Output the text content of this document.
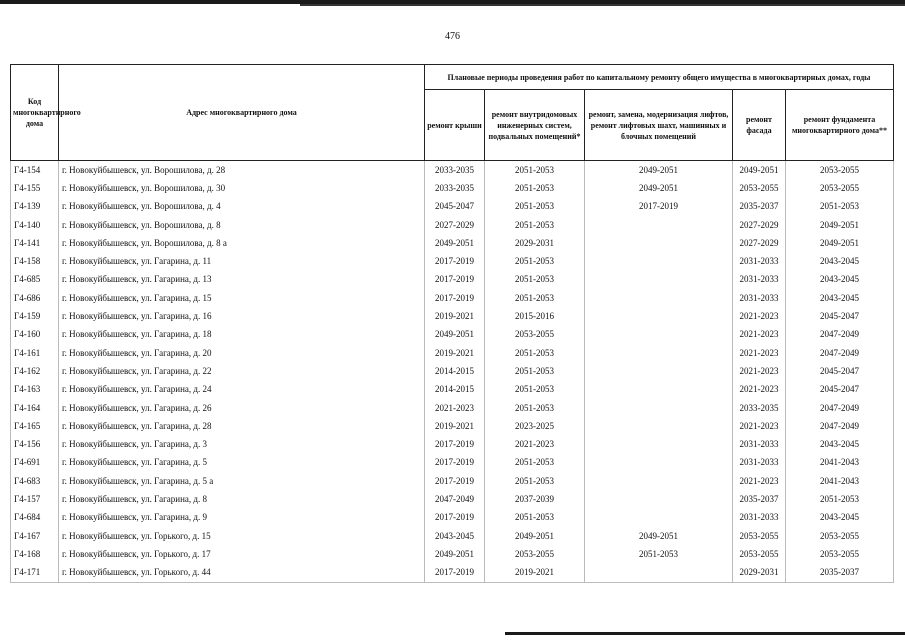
476
Код многоквартирного дома	Адрес многоквартирного дома	Плановые периоды проведения работ по капитальному ремонту общего имущества в многоквартирных домах, годы				
		ремонт крыши	ремонт внутридомовых инженерных систем, подвальных помещений*	ремонт, замена, модернизация лифтов, ремонт лифтовых шахт, машинных и блочных помещений	ремонт фасада	ремонт фундамента многоквартирного дома**
Г4-154	г. Новокуйбышевск, ул. Ворошилова, д. 28	2033-2035	2051-2053	2049-2051	2049-2051	2053-2055
Г4-155	г. Новокуйбышевск, ул. Ворошилова, д. 30	2033-2035	2051-2053	2049-2051	2053-2055	2053-2055
Г4-139	г. Новокуйбышевск, ул. Ворошилова, д. 4	2045-2047	2051-2053	2017-2019	2035-2037	2051-2053
Г4-140	г. Новокуйбышевск, ул. Ворошилова, д. 8	2027-2029	2051-2053		2027-2029	2049-2051
Г4-141	г. Новокуйбышевск, ул. Ворошилова, д. 8 а	2049-2051	2029-2031		2027-2029	2049-2051
Г4-158	г. Новокуйбышевск, ул. Гагарина, д. 11	2017-2019	2051-2053		2031-2033	2043-2045
Г4-685	г. Новокуйбышевск, ул. Гагарина, д. 13	2017-2019	2051-2053		2031-2033	2043-2045
Г4-686	г. Новокуйбышевск, ул. Гагарина, д. 15	2017-2019	2051-2053		2031-2033	2043-2045
Г4-159	г. Новокуйбышевск, ул. Гагарина, д. 16	2019-2021	2015-2016		2021-2023	2045-2047
Г4-160	г. Новокуйбышевск, ул. Гагарина, д. 18	2049-2051	2053-2055		2021-2023	2047-2049
Г4-161	г. Новокуйбышевск, ул. Гагарина, д. 20	2019-2021	2051-2053		2021-2023	2047-2049
Г4-162	г. Новокуйбышевск, ул. Гагарина, д. 22	2014-2015	2051-2053		2021-2023	2045-2047
Г4-163	г. Новокуйбышевск, ул. Гагарина, д. 24	2014-2015	2051-2053		2021-2023	2045-2047
Г4-164	г. Новокуйбышевск, ул. Гагарина, д. 26	2021-2023	2051-2053		2033-2035	2047-2049
Г4-165	г. Новокуйбышевск, ул. Гагарина, д. 28	2019-2021	2023-2025		2021-2023	2047-2049
Г4-156	г. Новокуйбышевск, ул. Гагарина, д. 3	2017-2019	2021-2023		2031-2033	2043-2045
Г4-691	г. Новокуйбышевск, ул. Гагарина, д. 5	2017-2019	2051-2053		2031-2033	2041-2043
Г4-683	г. Новокуйбышевск, ул. Гагарина, д. 5 а	2017-2019	2051-2053		2021-2023	2041-2043
Г4-157	г. Новокуйбышевск, ул. Гагарина, д. 8	2047-2049	2037-2039		2035-2037	2051-2053
Г4-684	г. Новокуйбышевск, ул. Гагарина, д. 9	2017-2019	2051-2053		2031-2033	2043-2045
Г4-167	г. Новокуйбышевск, ул. Горького, д. 15	2043-2045	2049-2051	2049-2051	2053-2055	2053-2055
Г4-168	г. Новокуйбышевск, ул. Горького, д. 17	2049-2051	2053-2055	2051-2053	2053-2055	2053-2055
Г4-171	г. Новокуйбышевск, ул. Горького, д. 44	2017-2019	2019-2021		2029-2031	2035-2037
